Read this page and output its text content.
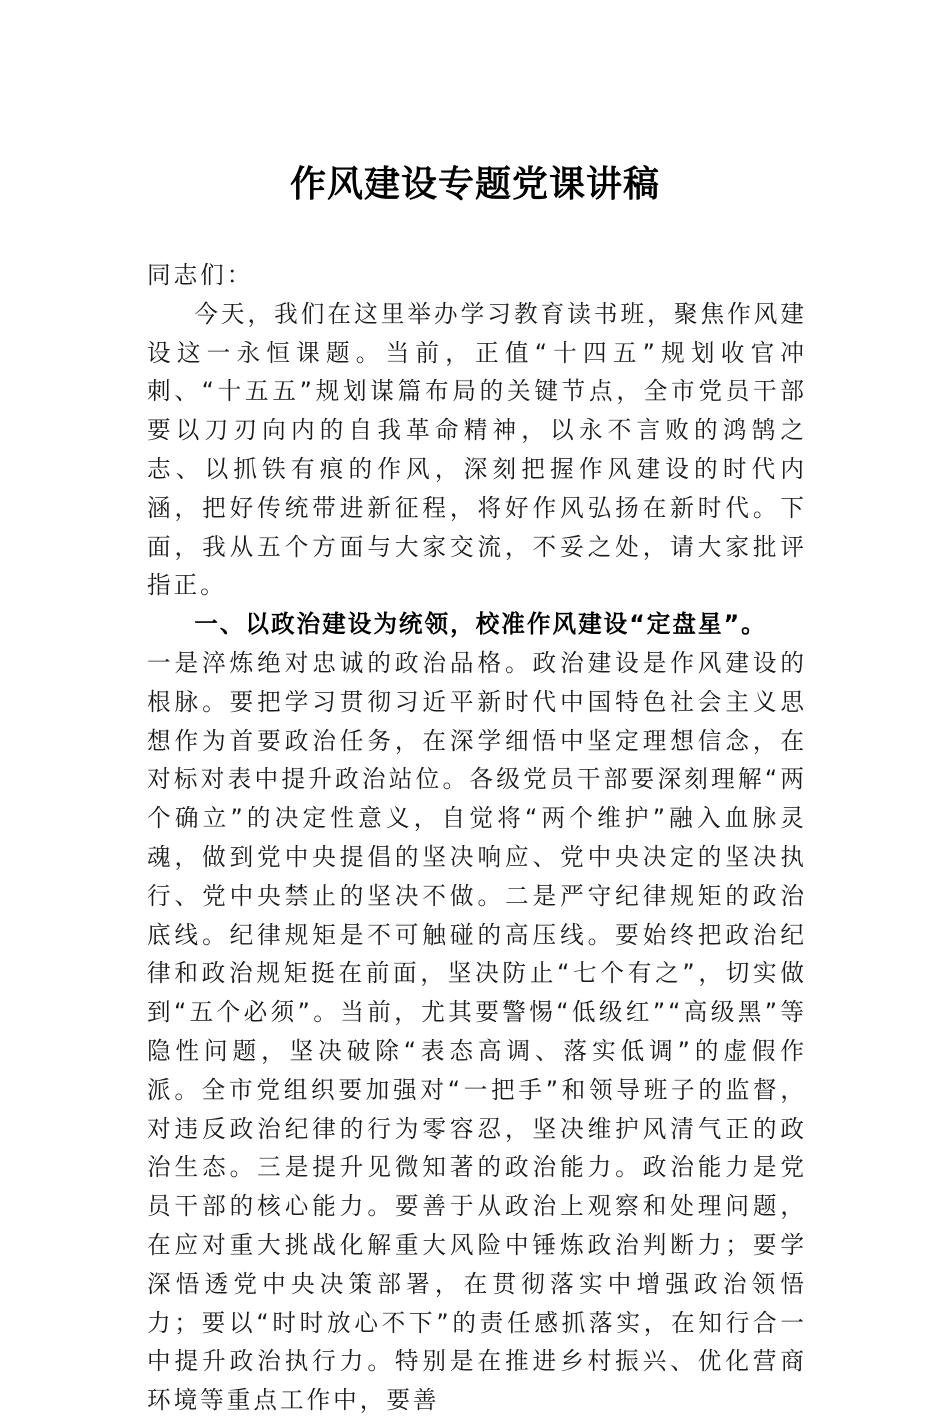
作风建设专题党课讲稿

同志们：

今天，我们在这里举办学习教育读书班，聚焦作风建设这一永恒课题。当前，正值“十四五”规划收官冲刺、“十五五”规划谋篇布局的关键节点，全市党员干部要以刀刃向内的自我革命精神，以永不言败的鸿鹄之志、以抓铁有痕的作风，深刻把握作风建设的时代内涵，把好传统带进新征程，将好作风弘扬在新时代。下面，我从五个方面与大家交流，不妥之处，请大家批评指正。

一、以政治建设为统领，校准作风建设“定盘星”。

一是淬炼绝对忠诚的政治品格。政治建设是作风建设的根脉。要把学习贯彻习近平新时代中国特色社会主义思想作为首要政治任务，在深学细悟中坚定理想信念，在对标对表中提升政治站位。各级党员干部要深刻理解“两个确立”的决定性意义，自觉将“两个维护”融入血脉灵魂，做到党中央提倡的坚决响应、党中央决定的坚决执行、党中央禁止的坚决不做。二是严守纪律规矩的政治底线。纪律规矩是不可触碰的高压线。要始终把政治纪律和政治规矩挺在前面，坚决防止“七个有之”，切实做到“五个必须”。当前，尤其要警惕“低级红”“高级黑”等隐性问题，坚决破除“表态高调、落实低调”的虚假作派。全市党组织要加强对“一把手”和领导班子的监督，对违反政治纪律的行为零容忍，坚决维护风清气正的政治生态。三是提升见微知著的政治能力。政治能力是党员干部的核心能力。要善于从政治上观察和处理问题，在应对重大挑战化解重大风险中锤炼政治判断力；要学深悟透党中央决策部署，在贯彻落实中增强政治领悟力；要以“时时放心不下”的责任感抓落实，在知行合一中提升政治执行力。特别是在推进乡村振兴、优化营商环境等重点工作中，要善
